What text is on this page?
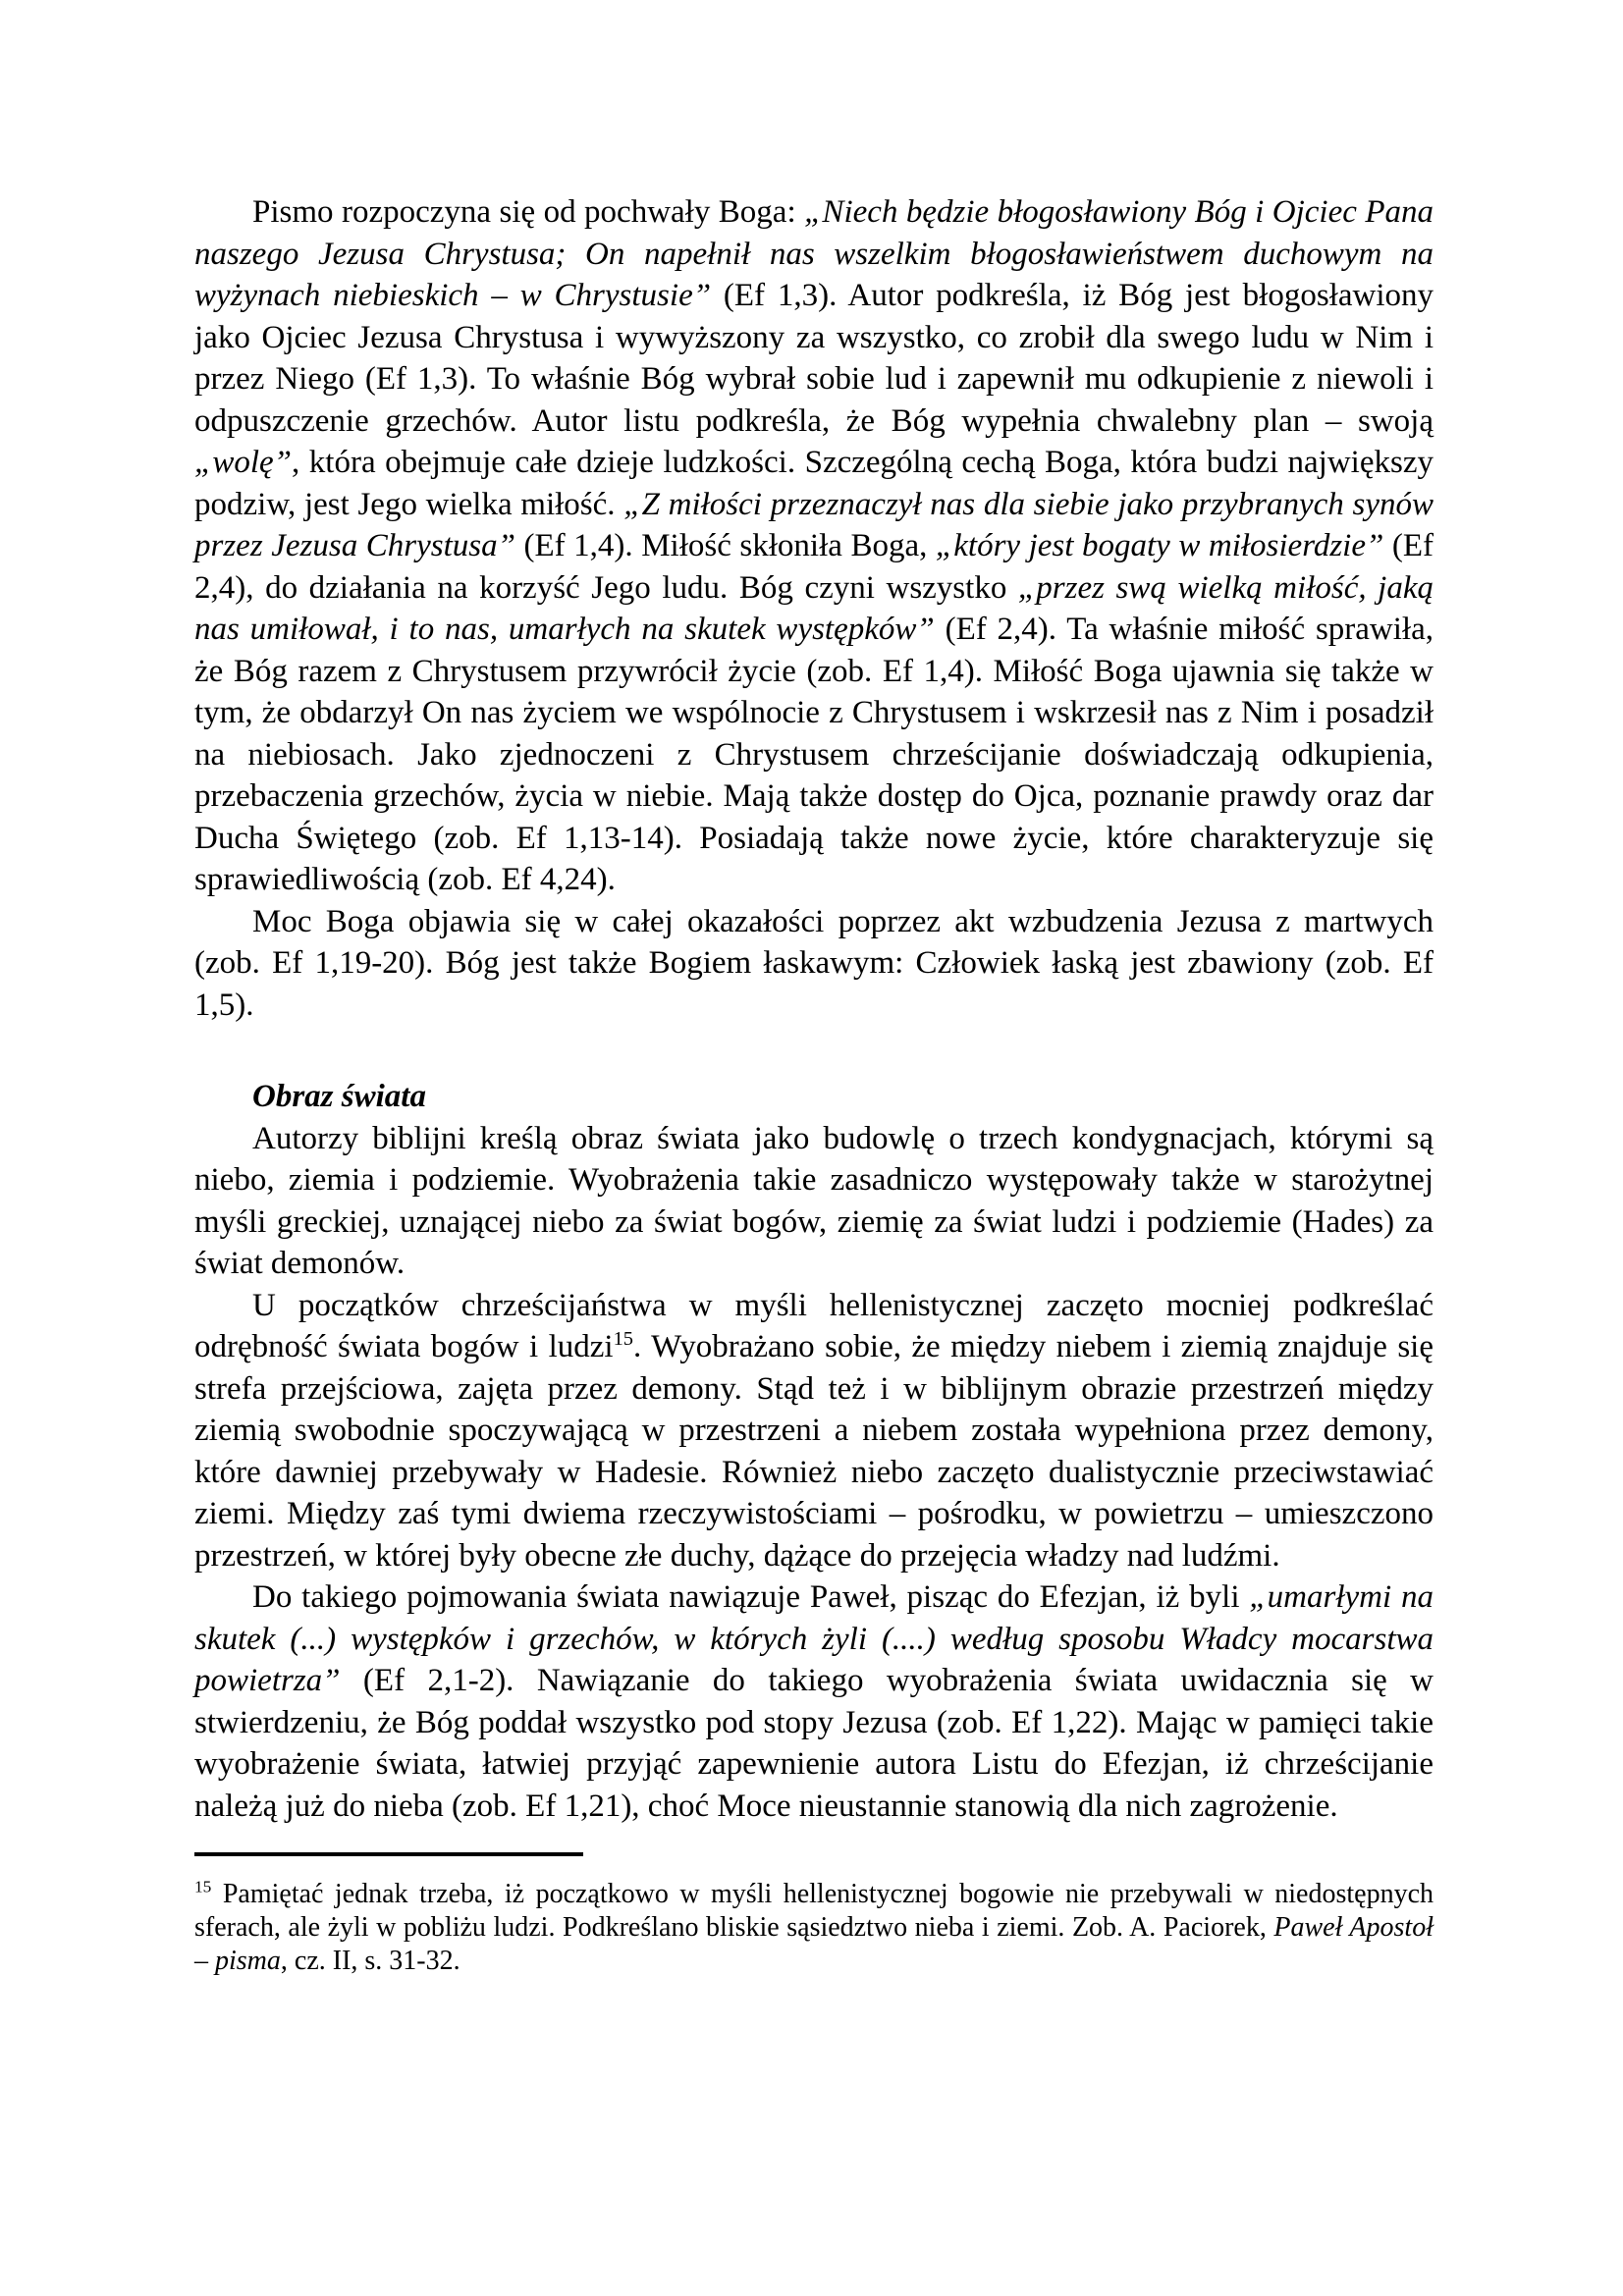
Pismo rozpoczyna się od pochwały Boga: „Niech będzie błogosławiony Bóg i Ojciec Pana naszego Jezusa Chrystusa; On napełnił nas wszelkim błogosławieństwem duchowym na wyżynach niebieskich – w Chrystusie” (Ef 1,3). Autor podkreśla, iż Bóg jest błogosławiony jako Ojciec Jezusa Chrystusa i wywyższony za wszystko, co zrobił dla swego ludu w Nim i przez Niego (Ef 1,3). To właśnie Bóg wybrał sobie lud i zapewnił mu odkupienie z niewoli i odpuszczenie grzechów. Autor listu podkreśla, że Bóg wypełnia chwalebny plan – swoją „wolę”, która obejmuje całe dzieje ludzkości. Szczególną cechą Boga, która budzi największy podziw, jest Jego wielka miłość. „Z miłości przeznaczył nas dla siebie jako przybranych synów przez Jezusa Chrystusa” (Ef 1,4). Miłość skłoniła Boga, „który jest bogaty w miłosierdzie” (Ef 2,4), do działania na korzyść Jego ludu. Bóg czyni wszystko „przez swą wielką miłość, jaką nas umiłował, i to nas, umarłych na skutek występków” (Ef 2,4). Ta właśnie miłość sprawiła, że Bóg razem z Chrystusem przywrócił życie (zob. Ef 1,4). Miłość Boga ujawnia się także w tym, że obdarzył On nas życiem we wspólnocie z Chrystusem i wskrzesił nas z Nim i posadził na niebiosach. Jako zjednoczeni z Chrystusem chrześcijanie doświadczają odkupienia, przebaczenia grzechów, życia w niebie. Mają także dostęp do Ojca, poznanie prawdy oraz dar Ducha Świętego (zob. Ef 1,13-14). Posiadają także nowe życie, które charakteryzuje się sprawiedliwością (zob. Ef 4,24).

Moc Boga objawia się w całej okazałości poprzez akt wzbudzenia Jezusa z martwych (zob. Ef 1,19-20). Bóg jest także Bogiem łaskawym: Człowiek łaską jest zbawiony (zob. Ef 1,5).

Obraz świata

Autorzy biblijni kreślą obraz świata jako budowlę o trzech kondygnacjach, którymi są niebo, ziemia i podziemie. Wyobrażenia takie zasadniczo występowały także w starożytnej myśli greckiej, uznającej niebo za świat bogów, ziemię za świat ludzi i podziemie (Hades) za świat demonów.

U początków chrześcijaństwa w myśli hellenistycznej zaczęto mocniej podkreślać odrębność świata bogów i ludzi$^{15}$. Wyobrażano sobie, że między niebem i ziemią znajduje się strefa przejściowa, zajęta przez demony. Stąd też i w biblijnym obrazie przestrzeń między ziemią swobodnie spoczywającą w przestrzeni a niebem została wypełniona przez demony, które dawniej przebywały w Hadesie. Również niebo zaczęto dualistycznie przeciwstawiać ziemi. Między zaś tymi dwiema rzeczywistościami – pośrodku, w powietrzu – umieszczono przestrzeń, w której były obecne złe duchy, dążące do przejęcia władzy nad ludźmi.

Do takiego pojmowania świata nawiązuje Paweł, pisząc do Efezjan, iż byli „umarłymi na skutek (...) występków i grzechów, w których żyli (....) według sposobu Władcy mocarstwa powietrza” (Ef 2,1-2). Nawiązanie do takiego wyobrażenia świata uwidacznia się w stwierdzeniu, że Bóg poddał wszystko pod stopy Jezusa (zob. Ef 1,22). Mając w pamięci takie wyobrażenie świata, łatwiej przyjąć zapewnienie autora Listu do Efezjan, iż chrześcijanie należą już do nieba (zob. Ef 1,21), choć Moce nieustannie stanowią dla nich zagrożenie.

$^{15}$ Pamiętać jednak trzeba, iż początkowo w myśli hellenistycznej bogowie nie przebywali w niedostępnych sferach, ale żyli w pobliżu ludzi. Podkreślano bliskie sąsiedztwo nieba i ziemi. Zob. A. Paciorek, Paweł Apostoł – pisma, cz. II, s. 31-32.
